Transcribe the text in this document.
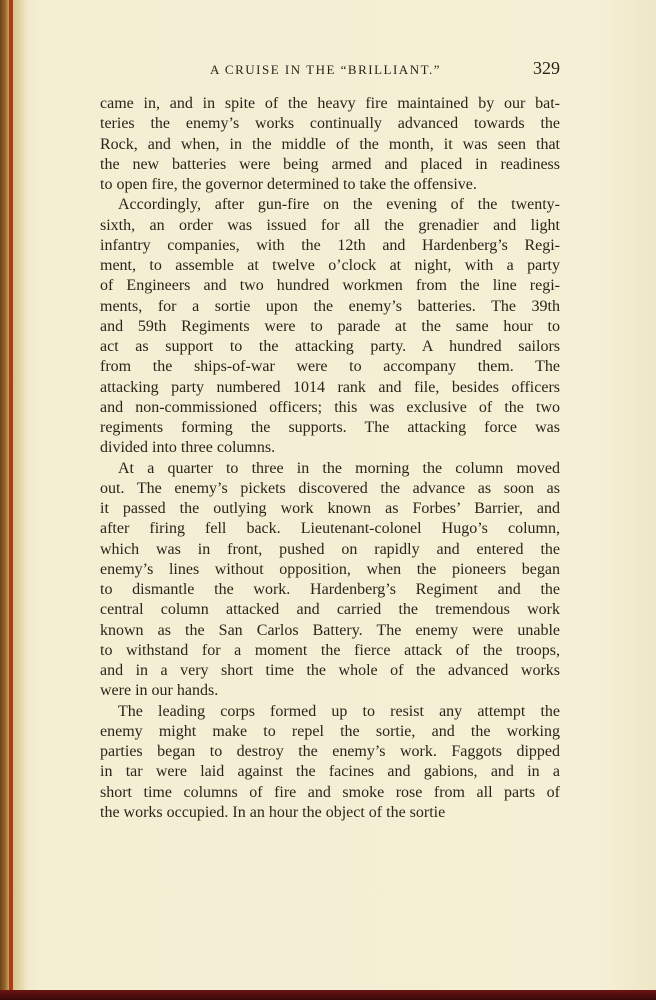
A CRUISE IN THE “BRILLIANT.”	329
came in, and in spite of the heavy fire maintained by our bat-
teries the enemy’s works continually advanced towards the
Rock, and when, in the middle of the month, it was seen that
the new batteries were being armed and placed in readiness
to open fire, the governor determined to take the offensive.
Accordingly, after gun-fire on the evening of the twenty-
sixth, an order was issued for all the grenadier and light
infantry companies, with the 12th and Hardenberg’s Regi-
ment, to assemble at twelve o’clock at night, with a party
of Engineers and two hundred workmen from the line regi-
ments, for a sortie upon the enemy’s batteries. The 39th
and 59th Regiments were to parade at the same hour to
act as support to the attacking party. A hundred sailors
from the ships-of-war were to accompany them. The
attacking party numbered 1014 rank and file, besides officers
and non-commissioned officers; this was exclusive of the two
regiments forming the supports. The attacking force was
divided into three columns.
At a quarter to three in the morning the column moved
out. The enemy’s pickets discovered the advance as soon as
it passed the outlying work known as Forbes’ Barrier, and
after firing fell back. Lieutenant-colonel Hugo’s column,
which was in front, pushed on rapidly and entered the
enemy’s lines without opposition, when the pioneers began
to dismantle the work. Hardenberg’s Regiment and the
central column attacked and carried the tremendous work
known as the San Carlos Battery. The enemy were unable
to withstand for a moment the fierce attack of the troops,
and in a very short time the whole of the advanced works
were in our hands.
The leading corps formed up to resist any attempt the
enemy might make to repel the sortie, and the working
parties began to destroy the enemy’s work. Faggots dipped
in tar were laid against the facines and gabions, and in a
short time columns of fire and smoke rose from all parts of
the works occupied. In an hour the object of the sortie
